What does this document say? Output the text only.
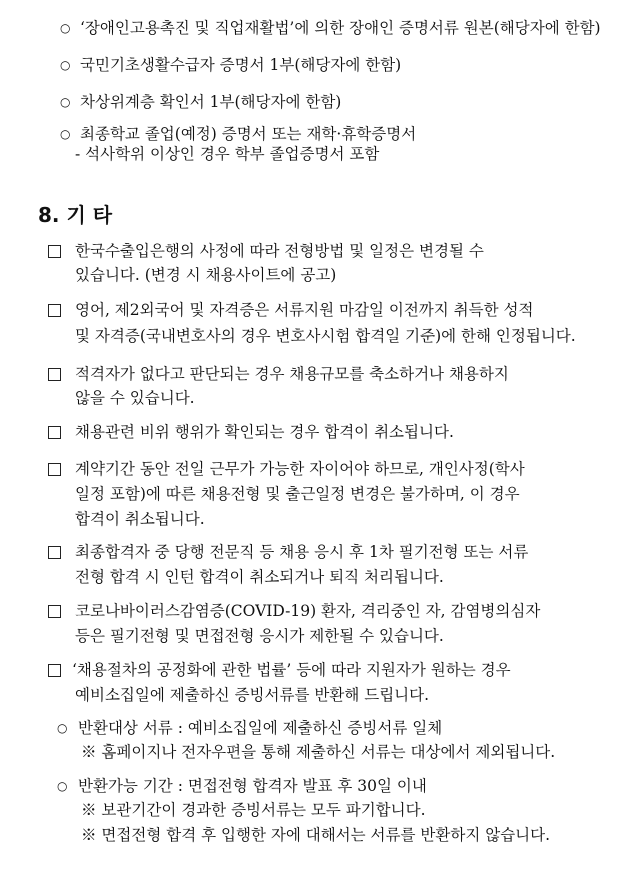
○ ‘장애인고용촉진 및 직업재활법’에 의한 장애인 증명서류 원본(해당자에 한함)
○ 국민기초생활수급자 증명서 1부(해당자에 한함)
○ 차상위계층 확인서 1부(해당자에 한함)
○ 최종학교 졸업(예정) 증명서 또는 재학·휴학증명서
- 석사학위 이상인 경우 학부 졸업증명서 포함
8. 기 타
한국수출입은행의 사정에 따라 전형방법 및 일정은 변경될 수
있습니다. (변경 시 채용사이트에 공고)
영어, 제2외국어 및 자격증은 서류지원 마감일 이전까지 취득한 성적
및 자격증(국내변호사의 경우 변호사시험 합격일 기준)에 한해 인정됩니다.
적격자가 없다고 판단되는 경우 채용규모를 축소하거나 채용하지
않을 수 있습니다.
채용관련 비위 행위가 확인되는 경우 합격이 취소됩니다.
계약기간 동안 전일 근무가 가능한 자이어야 하므로, 개인사정(학사
일정 포함)에 따른 채용전형 및 출근일정 변경은 불가하며, 이 경우
합격이 취소됩니다.
최종합격자 중 당행 전문직 등 채용 응시 후 1차 필기전형 또는 서류
전형 합격 시 인턴 합격이 취소되거나 퇴직 처리됩니다.
코로나바이러스감염증(COVID-19) 환자, 격리중인 자, 감염병의심자
등은 필기전형 및 면접전형 응시가 제한될 수 있습니다.
‘채용절차의 공정화에 관한 법률’ 등에 따라 지원자가 원하는 경우
예비소집일에 제출하신 증빙서류를 반환해 드립니다.
○ 반환대상 서류 : 예비소집일에 제출하신 증빙서류 일체
※ 홈페이지나 전자우편을 통해 제출하신 서류는 대상에서 제외됩니다.
○ 반환가능 기간 : 면접전형 합격자 발표 후 30일 이내
※ 보관기간이 경과한 증빙서류는 모두 파기합니다.
※ 면접전형 합격 후 입행한 자에 대해서는 서류를 반환하지 않습니다.
